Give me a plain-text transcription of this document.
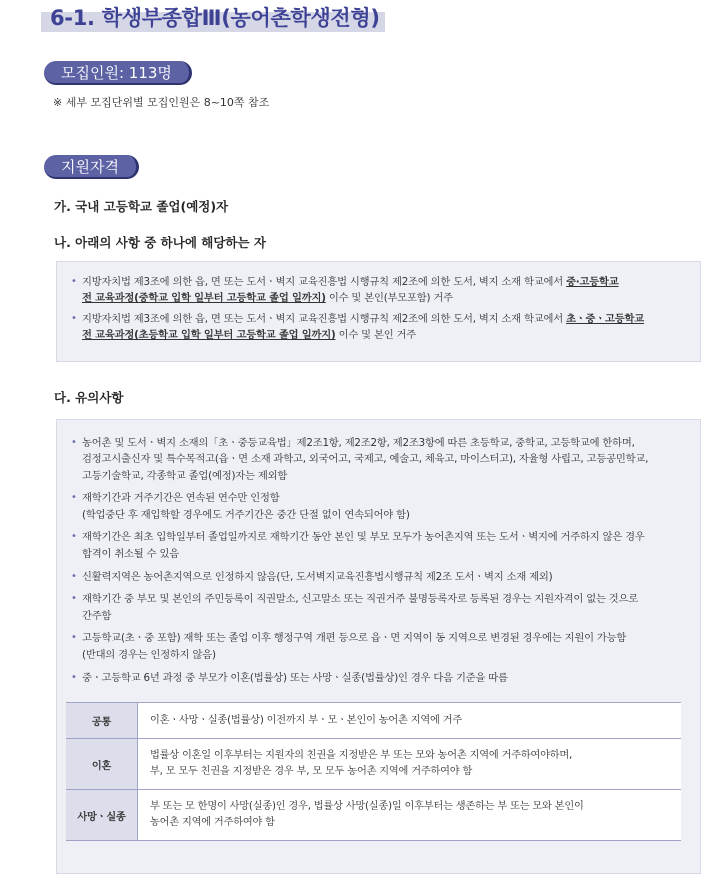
6-1. 학생부종합Ⅲ(농어촌학생전형)
모집인원: 113명
※ 세부 모집단위별 모집인원은 8~10쪽 참조
지원자격
가. 국내 고등학교 졸업(예정)자
나. 아래의 사항 중 하나에 해당하는 자
• 지방자치법 제3조에 의한 읍, 면 또는 도서ㆍ벽지 교육진흥법 시행규칙 제2조에 의한 도서, 벽지 소재 학교에서 중·고등학교
전 교육과정(중학교 입학 일부터 고등학교 졸업 일까지) 이수 및 본인(부모포함) 거주
• 지방자치법 제3조에 의한 읍, 면 또는 도서ㆍ벽지 교육진흥법 시행규칙 제2조에 의한 도서, 벽지 소재 학교에서 초ㆍ중ㆍ고등학교
전 교육과정(초등학교 입학 일부터 고등학교 졸업 일까지) 이수 및 본인 거주
다. 유의사항
• 농어촌 및 도서ㆍ벽지 소재의「초ㆍ중등교육법」제2조1항, 제2조2항, 제2조3항에 따른 초등학교, 중학교, 고등학교에 한하며,
검정고시출신자 및 특수목적고(읍ㆍ면 소재 과학고, 외국어고, 국제고, 예술고, 체육고, 마이스터고), 자율형 사립고, 고등공민학교,
고등기술학교, 각종학교 졸업(예정)자는 제외함
• 재학기간과 거주기간은 연속된 연수만 인정함
(학업중단 후 재입학할 경우에도 거주기간은 중간 단절 없이 연속되어야 함)
• 재학기간은 최초 입학일부터 졸업일까지로 재학기간 동안 본인 및 부모 모두가 농어촌지역 또는 도서ㆍ벽지에 거주하지 않은 경우
합격이 취소될 수 있음
• 신활력지역은 농어촌지역으로 인정하지 않음(단, 도서벽지교육진흥법시행규칙 제2조 도서ㆍ벽지 소재 제외)
• 재학기간 중 부모 및 본인의 주민등록이 직권말소, 신고말소 또는 직권거주 불명등록자로 등록된 경우는 지원자격이 없는 것으로
간주함
• 고등학교(초ㆍ중 포함) 재학 또는 졸업 이후 행정구역 개편 등으로 읍ㆍ면 지역이 동 지역으로 변경된 경우에는 지원이 가능함
(반대의 경우는 인정하지 않음)
• 중ㆍ고등학교 6년 과정 중 부모가 이혼(법률상) 또는 사망ㆍ실종(법률상)인 경우 다음 기준을 따름
공통	이혼ㆍ사망ㆍ실종(법률상) 이전까지 부ㆍ모ㆍ본인이 농어촌 지역에 거주

이혼	법률상 이혼일 이후부터는 지원자의 친권을 지정받은 부 또는 모와 농어촌 지역에 거주하여야하며,
부, 모 모두 친권을 지정받은 경우 부, 모 모두 농어촌 지역에 거주하여야 함

사망ㆍ실종	부 또는 모 한명이 사망(실종)인 경우, 법률상 사망(실종)일 이후부터는 생존하는 부 또는 모와 본인이
농어촌 지역에 거주하여야 함
